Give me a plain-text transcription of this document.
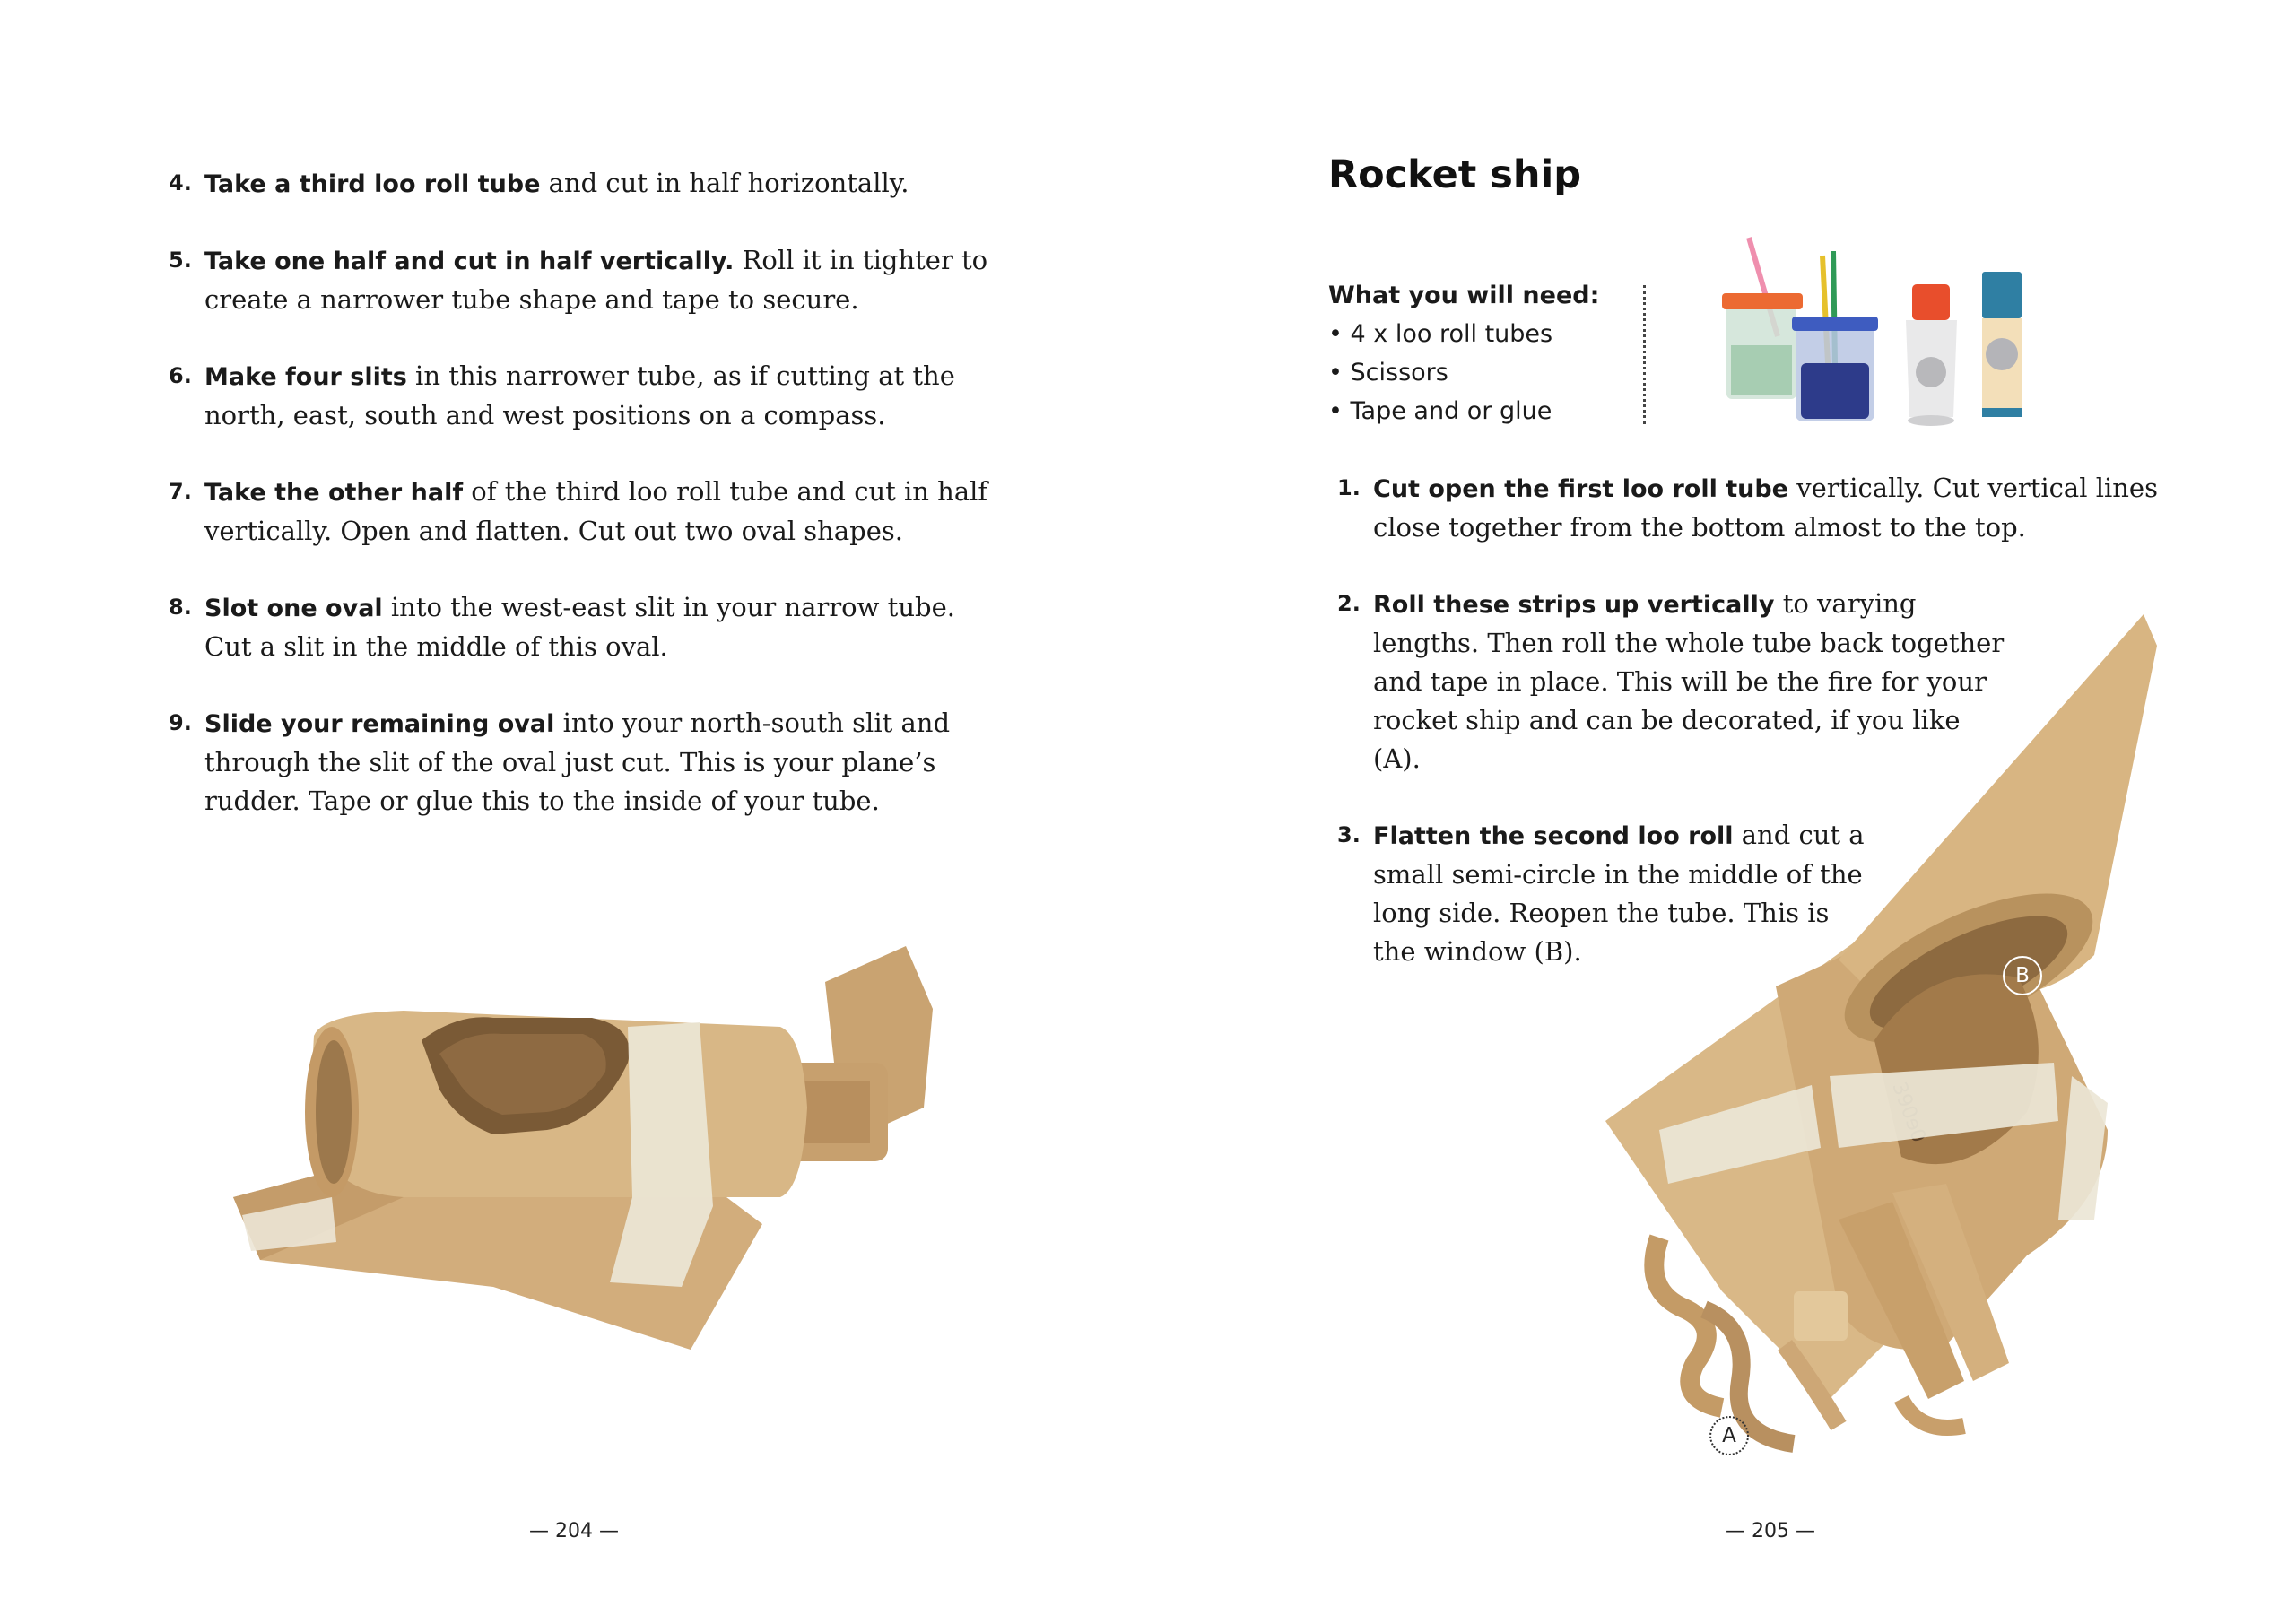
4. Take a third loo roll tube and cut in half horizontally.

5. Take one half and cut in half vertically. Roll it in tighter to create a narrower tube shape and tape to secure.

6. Make four slits in this narrower tube, as if cutting at the north, east, south and west positions on a compass.

7. Take the other half of the third loo roll tube and cut in half vertically. Open and flatten. Cut out two oval shapes.

8. Slot one oval into the west-east slit in your narrow tube. Cut a slit in the middle of this oval.

9. Slide your remaining oval into your north-south slit and through the slit of the oval just cut. This is your plane’s rudder. Tape or glue this to the inside of your tube.

— 204 —
Rocket ship

What you will need:

• 4 x loo roll tubes
• Scissors
• Tape and or glue
1. Cut open the first loo roll tube vertically. Cut vertical lines close together from the bottom almost to the top.

2. Roll these strips up vertically to varying lengths. Then roll the whole tube back together and tape in place. This will be the fire for your rocket ship and can be decorated, if you like (A).

3. Flatten the second loo roll and cut a small semi-circle in the middle of the long side. Reopen the tube. This is the window (B).

B
A
— 205 —
